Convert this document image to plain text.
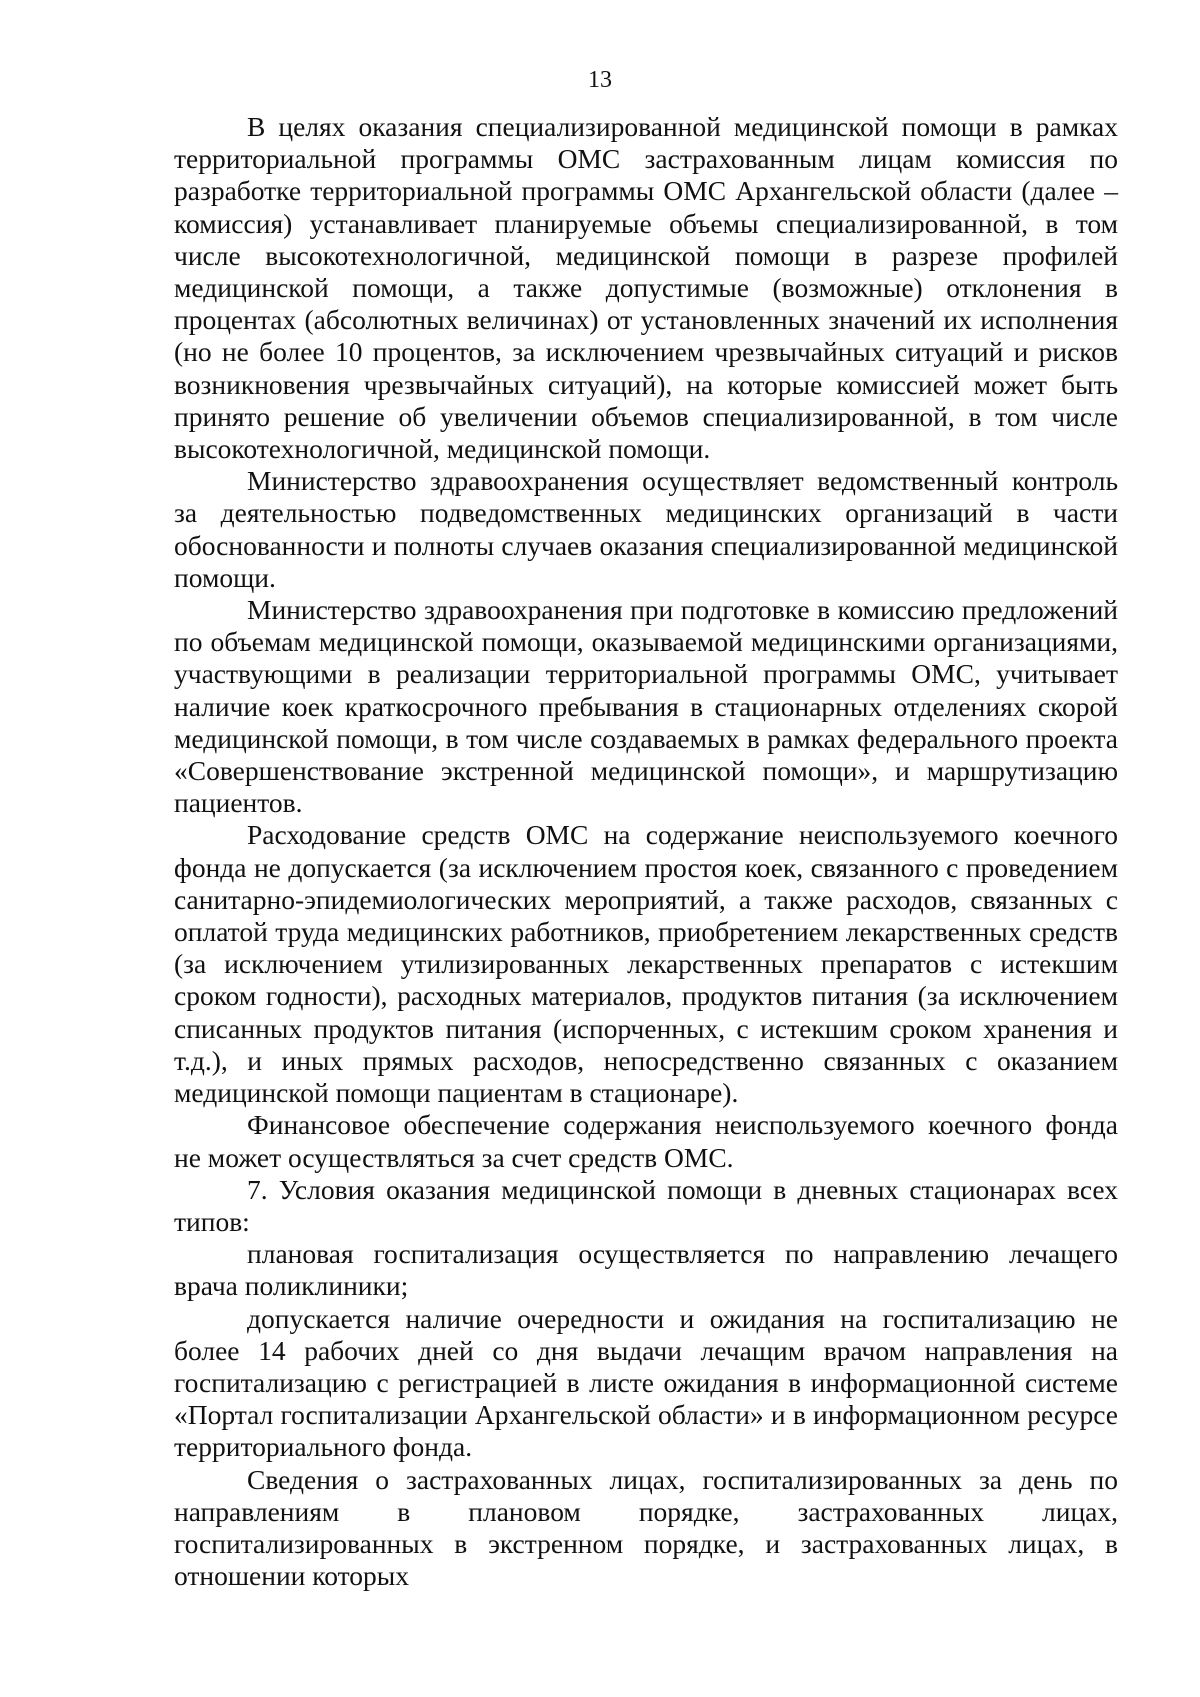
13

В целях оказания специализированной медицинской помощи в рамках территориальной программы ОМС застрахованным лицам комиссия по разработке территориальной программы ОМС Архангельской области (далее – комиссия) устанавливает планируемые объемы специализированной, в том числе высокотехнологичной, медицинской помощи в разрезе профилей медицинской помощи, а также допустимые (возможные) отклонения в процентах (абсолютных величинах) от установленных значений их исполнения (но не более 10 процентов, за исключением чрезвычайных ситуаций и рисков возникновения чрезвычайных ситуаций), на которые комиссией может быть принято решение об увеличении объемов специализированной, в том числе высокотехнологичной, медицинской помощи.

Министерство здравоохранения осуществляет ведомственный контроль за деятельностью подведомственных медицинских организаций в части обоснованности и полноты случаев оказания специализированной медицинской помощи.

Министерство здравоохранения при подготовке в комиссию предложений по объемам медицинской помощи, оказываемой медицинскими организациями, участвующими в реализации территориальной программы ОМС, учитывает наличие коек краткосрочного пребывания в стационарных отделениях скорой медицинской помощи, в том числе создаваемых в рамках федерального проекта «Совершенствование экстренной медицинской помощи», и маршрутизацию пациентов.

Расходование средств ОМС на содержание неиспользуемого коечного фонда не допускается (за исключением простоя коек, связанного с проведением санитарно-эпидемиологических мероприятий, а также расходов, связанных с оплатой труда медицинских работников, приобретением лекарственных средств (за исключением утилизированных лекарственных препаратов с истекшим сроком годности), расходных материалов, продуктов питания (за исключением списанных продуктов питания (испорченных, с истекшим сроком хранения и т.д.), и иных прямых расходов, непосредственно связанных с оказанием медицинской помощи пациентам в стационаре).

Финансовое обеспечение содержания неиспользуемого коечного фонда не может осуществляться за счет средств ОМС.

7. Условия оказания медицинской помощи в дневных стационарах всех типов:

плановая госпитализация осуществляется по направлению лечащего врача поликлиники;

допускается наличие очередности и ожидания на госпитализацию не более 14 рабочих дней со дня выдачи лечащим врачом направления на госпитализацию с регистрацией в листе ожидания в информационной системе «Портал госпитализации Архангельской области» и в информационном ресурсе территориального фонда.

Сведения о застрахованных лицах, госпитализированных за день по направлениям в плановом порядке, застрахованных лицах, госпитализированных в экстренном порядке, и застрахованных лицах, в отношении которых
